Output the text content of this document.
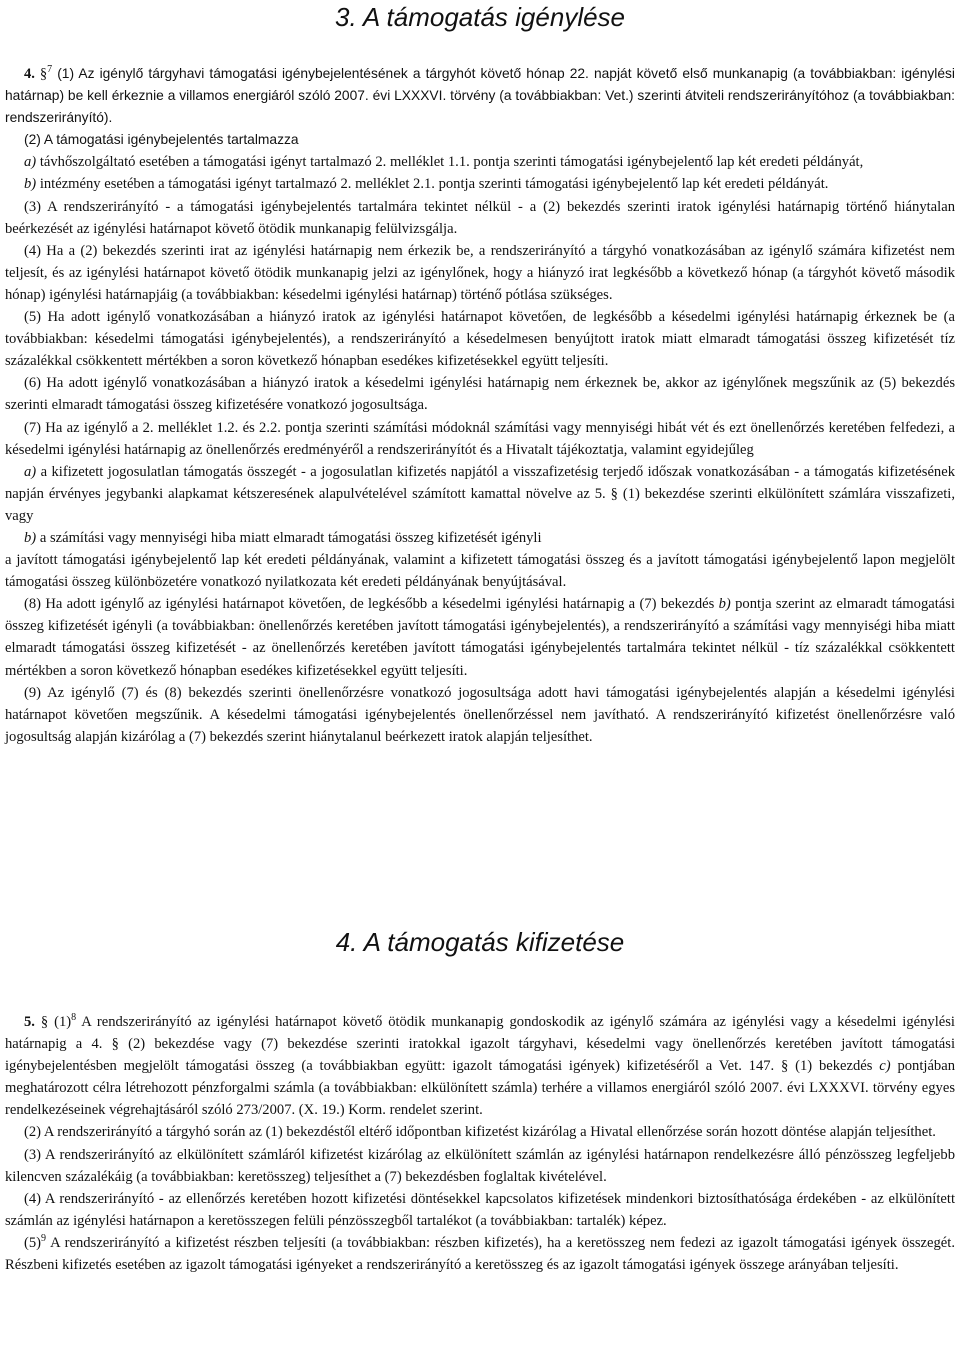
3. A támogatás igénylése

4. §$^7$ (1) Az igénylő tárgyhavi támogatási igénybejelentésének a tárgyhót követő hónap 22. napját követő első munkanapig (a továbbiakban: igénylési határnap) be kell érkeznie a villamos energiáról szóló 2007. évi LXXXVI. törvény (a továbbiakban: Vet.) szerinti átviteli rendszerirányítóhoz (a továbbiakban: rendszerirányító).

(2) A támogatási igénybejelentés tartalmazza

a) távhőszolgáltató esetében a támogatási igényt tartalmazó 2. melléklet 1.1. pontja szerinti támogatási igénybejelentő lap két eredeti példányát,

b) intézmény esetében a támogatási igényt tartalmazó 2. melléklet 2.1. pontja szerinti támogatási igénybejelentő lap két eredeti példányát.

(3) A rendszerirányító - a támogatási igénybejelentés tartalmára tekintet nélkül - a (2) bekezdés szerinti iratok igénylési határnapig történő hiánytalan beérkezését az igénylési határnapot követő ötödik munkanapig felülvizsgálja.

(4) Ha a (2) bekezdés szerinti irat az igénylési határnapig nem érkezik be, a rendszerirányító a tárgyhó vonatkozásában az igénylő számára kifizetést nem teljesít, és az igénylési határnapot követő ötödik munkanapig jelzi az igénylőnek, hogy a hiányzó irat legkésőbb a következő hónap (a tárgyhót követő második hónap) igénylési határnapjáig (a továbbiakban: késedelmi igénylési határnap) történő pótlása szükséges.

(5) Ha adott igénylő vonatkozásában a hiányzó iratok az igénylési határnapot követően, de legkésőbb a késedelmi igénylési határnapig érkeznek be (a továbbiakban: késedelmi támogatási igénybejelentés), a rendszerirányító a késedelmesen benyújtott iratok miatt elmaradt támogatási összeg kifizetését tíz százalékkal csökkentett mértékben a soron következő hónapban esedékes kifizetésekkel együtt teljesíti.

(6) Ha adott igénylő vonatkozásában a hiányzó iratok a késedelmi igénylési határnapig nem érkeznek be, akkor az igénylőnek megszűnik az (5) bekezdés szerinti elmaradt támogatási összeg kifizetésére vonatkozó jogosultsága.

(7) Ha az igénylő a 2. melléklet 1.2. és 2.2. pontja szerinti számítási módoknál számítási vagy mennyiségi hibát vét és ezt önellenőrzés keretében felfedezi, a késedelmi igénylési határnapig az önellenőrzés eredményéről a rendszerirányítót és a Hivatalt tájékoztatja, valamint egyidejűleg

a) a kifizetett jogosulatlan támogatás összegét - a jogosulatlan kifizetés napjától a visszafizetésig terjedő időszak vonatkozásában - a támogatás kifizetésének napján érvényes jegybanki alapkamat kétszeresének alapulvételével számított kamattal növelve az 5. § (1) bekezdése szerinti elkülönített számlára visszafizeti, vagy

b) a számítási vagy mennyiségi hiba miatt elmaradt támogatási összeg kifizetését igényli

a javított támogatási igénybejelentő lap két eredeti példányának, valamint a kifizetett támogatási összeg és a javított támogatási igénybejelentő lapon megjelölt támogatási összeg különbözetére vonatkozó nyilatkozata két eredeti példányának benyújtásával.

(8) Ha adott igénylő az igénylési határnapot követően, de legkésőbb a késedelmi igénylési határnapig a (7) bekezdés b) pontja szerint az elmaradt támogatási összeg kifizetését igényli (a továbbiakban: önellenőrzés keretében javított támogatási igénybejelentés), a rendszerirányító a számítási vagy mennyiségi hiba miatt elmaradt támogatási összeg kifizetését - az önellenőrzés keretében javított támogatási igénybejelentés tartalmára tekintet nélkül - tíz százalékkal csökkentett mértékben a soron következő hónapban esedékes kifizetésekkel együtt teljesíti.

(9) Az igénylő (7) és (8) bekezdés szerinti önellenőrzésre vonatkozó jogosultsága adott havi támogatási igénybejelentés alapján a késedelmi igénylési határnapot követően megszűnik. A késedelmi támogatási igénybejelentés önellenőrzéssel nem javítható. A rendszerirányító kifizetést önellenőrzésre való jogosultság alapján kizárólag a (7) bekezdés szerint hiánytalanul beérkezett iratok alapján teljesíthet.

4. A támogatás kifizetése

5. § $(1)^8$ A rendszerirányító az igénylési határnapot követő ötödik munkanapig gondoskodik az igénylő számára az igénylési vagy a késedelmi igénylési határnapig a 4. § (2) bekezdése vagy (7) bekezdése szerinti iratokkal igazolt tárgyhavi, késedelmi vagy önellenőrzés keretében javított támogatási igénybejelentésben megjelölt támogatási összeg (a továbbiakban együtt: igazolt támogatási igények) kifizetéséről a Vet. 147. § (1) bekezdés c) pontjában meghatározott célra létrehozott pénzforgalmi számla (a továbbiakban: elkülönített számla) terhére a villamos energiáról szóló 2007. évi LXXXVI. törvény egyes rendelkezéseinek végrehajtásáról szóló 273/2007. (X. 19.) Korm. rendelet szerint.

(2) A rendszerirányító a tárgyhó során az (1) bekezdéstől eltérő időpontban kifizetést kizárólag a Hivatal ellenőrzése során hozott döntése alapján teljesíthet.

(3) A rendszerirányító az elkülönített számláról kifizetést kizárólag az elkülönített számlán az igénylési határnapon rendelkezésre álló pénzösszeg legfeljebb kilencven százalékáig (a továbbiakban: keretösszeg) teljesíthet a (7) bekezdésben foglaltak kivételével.

(4) A rendszerirányító - az ellenőrzés keretében hozott kifizetési döntésekkel kapcsolatos kifizetések mindenkori biztosíthatósága érdekében - az elkülönített számlán az igénylési határnapon a keretösszegen felüli pénzösszegből tartalékot (a továbbiakban: tartalék) képez.

$(5)^9$ A rendszerirányító a kifizetést részben teljesíti (a továbbiakban: részben kifizetés), ha a keretösszeg nem fedezi az igazolt támogatási igények összegét. Részbeni kifizetés esetében az igazolt támogatási igényeket a rendszerirányító a keretösszeg és az igazolt támogatási igények összege arányában teljesíti.
